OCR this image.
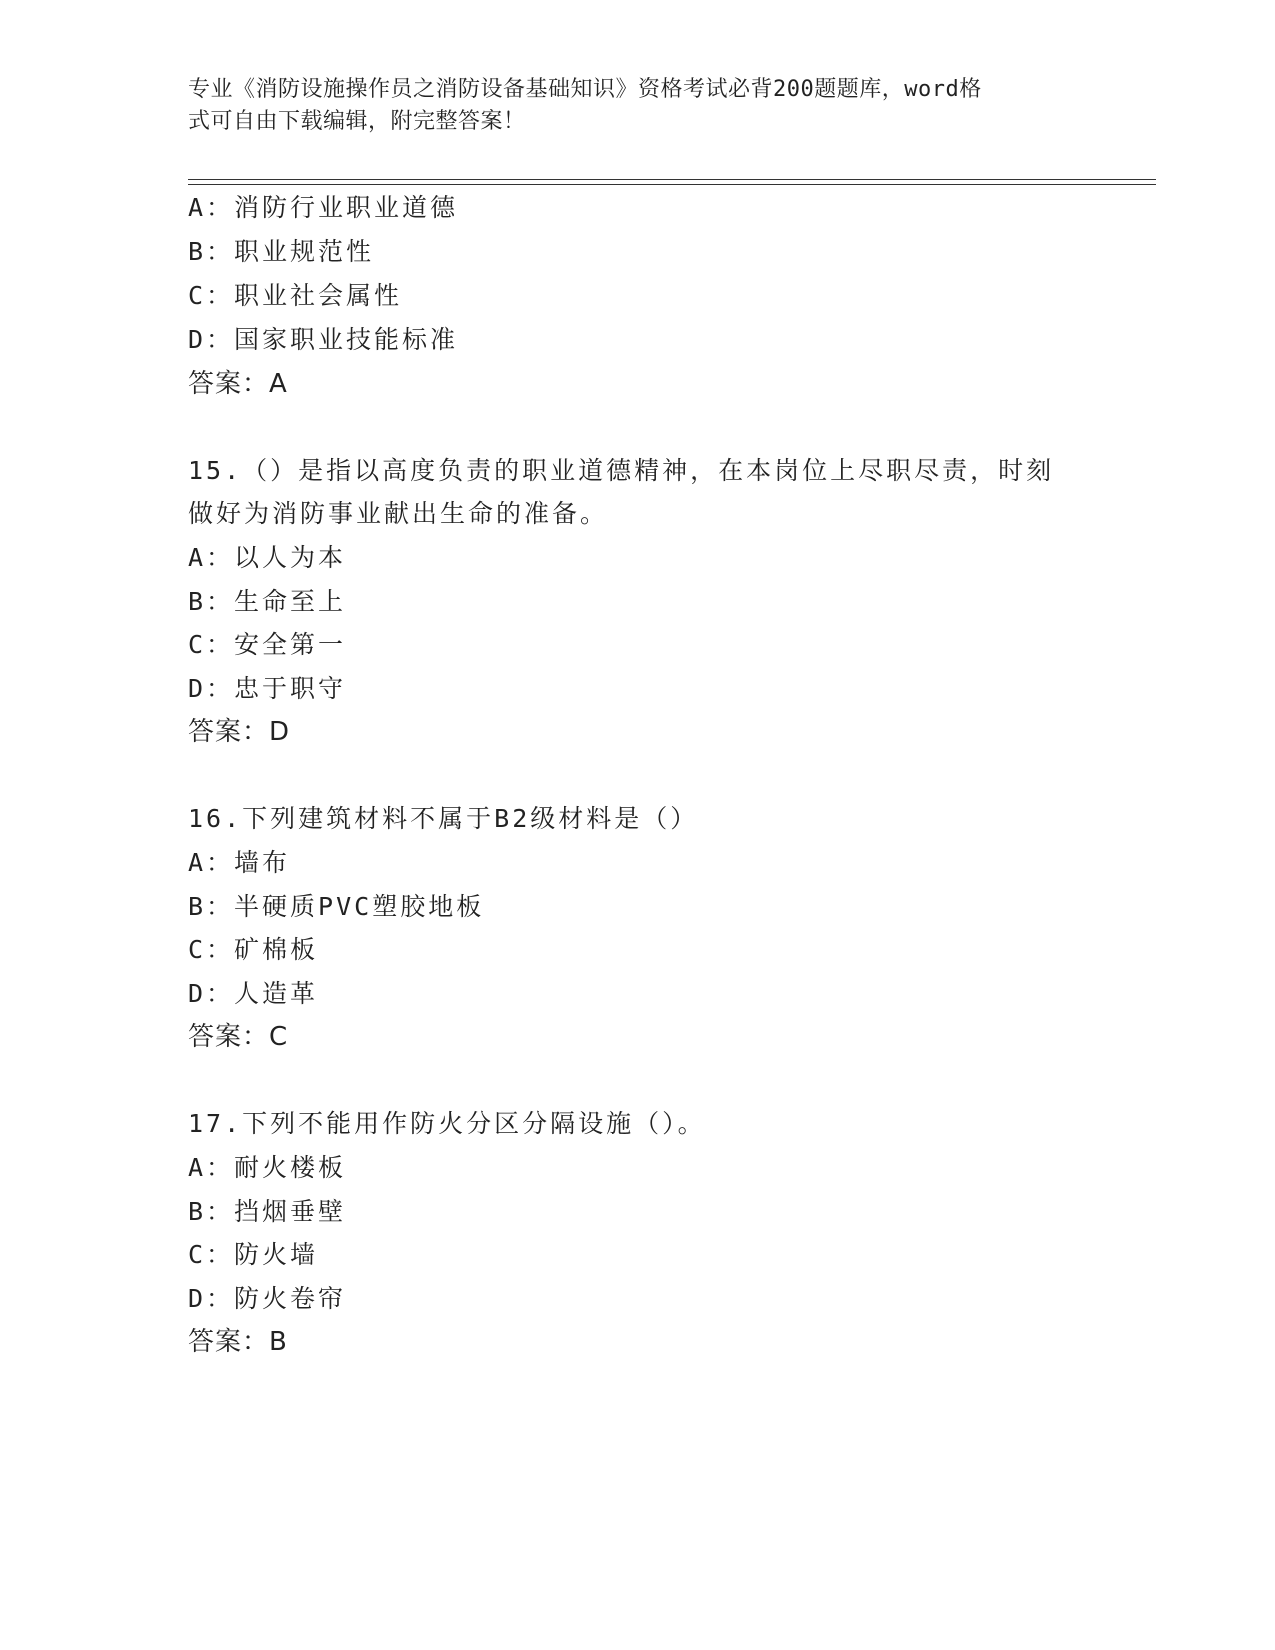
专业《消防设施操作员之消防设备基础知识》资格考试必背200题题库，word格
式可自由下载编辑，附完整答案！
A：消防行业职业道德
B：职业规范性
C：职业社会属性
D：国家职业技能标准
答案：A
15.（）是指以高度负责的职业道德精神，在本岗位上尽职尽责，时刻
做好为消防事业献出生命的准备。
A：以人为本
B：生命至上
C：安全第一
D：忠于职守
答案：D
16.下列建筑材料不属于B2级材料是（）
A：墙布
B：半硬质PVC塑胶地板
C：矿棉板
D：人造革
答案：C
17.下列不能用作防火分区分隔设施（）。
A：耐火楼板
B：挡烟垂壁
C：防火墙
D：防火卷帘
答案：B
